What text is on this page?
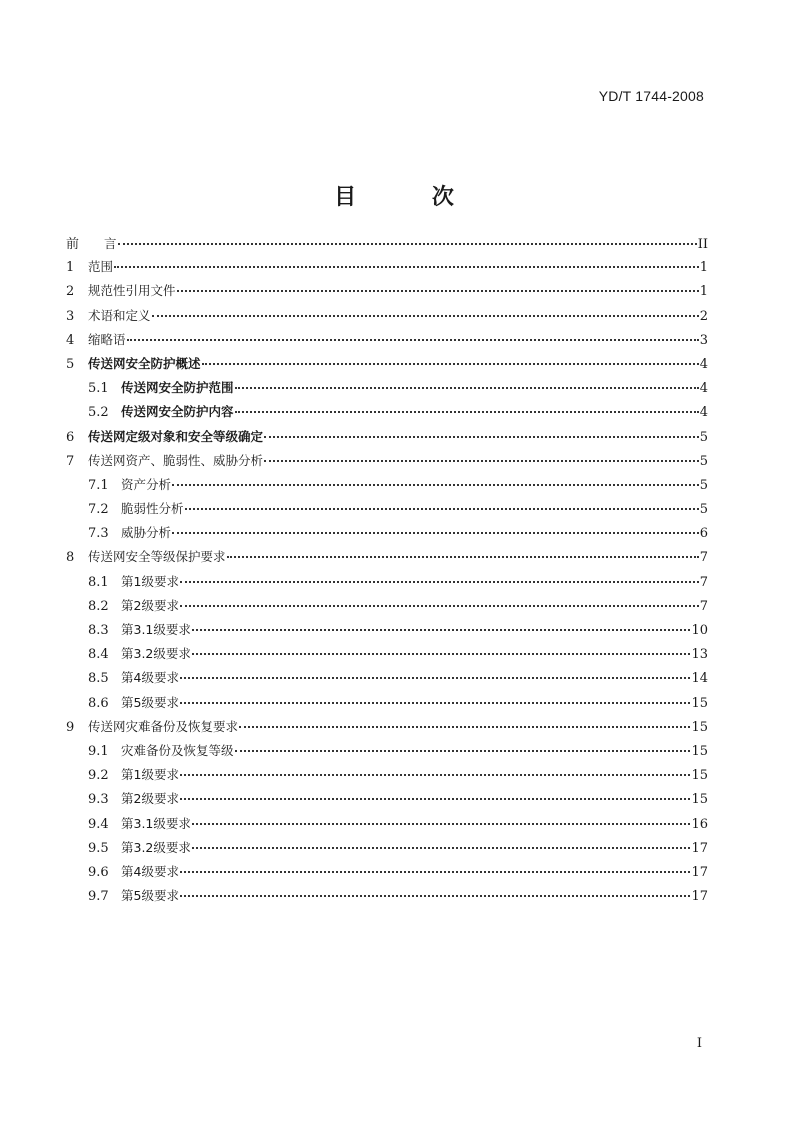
YD/T 1744-2008
目 次
前	言	II
1	范围	1
2	规范性引用文件	1
3	术语和定义	2
4	缩略语	3
5	传送网安全防护概述	4
5.1 传送网安全防护范围	4
5.2 传送网安全防护内容	4
6	传送网定级对象和安全等级确定	5
7	传送网资产、脆弱性、威胁分析	5
7.1 资产分析	5
7.2 脆弱性分析	5
7.3 威胁分析	6
8	传送网安全等级保护要求	7
8.1 第1级要求	7
8.2 第2级要求	7
8.3 第3.1级要求	10
8.4 第3.2级要求	13
8.5 第4级要求	14
8.6 第5级要求	15
9	传送网灾难备份及恢复要求	15
9.1 灾难备份及恢复等级	15
9.2 第1级要求	15
9.3 第2级要求	15
9.4 第3.1级要求	16
9.5 第3.2级要求	17
9.6 第4级要求	17
9.7 第5级要求	17
I
